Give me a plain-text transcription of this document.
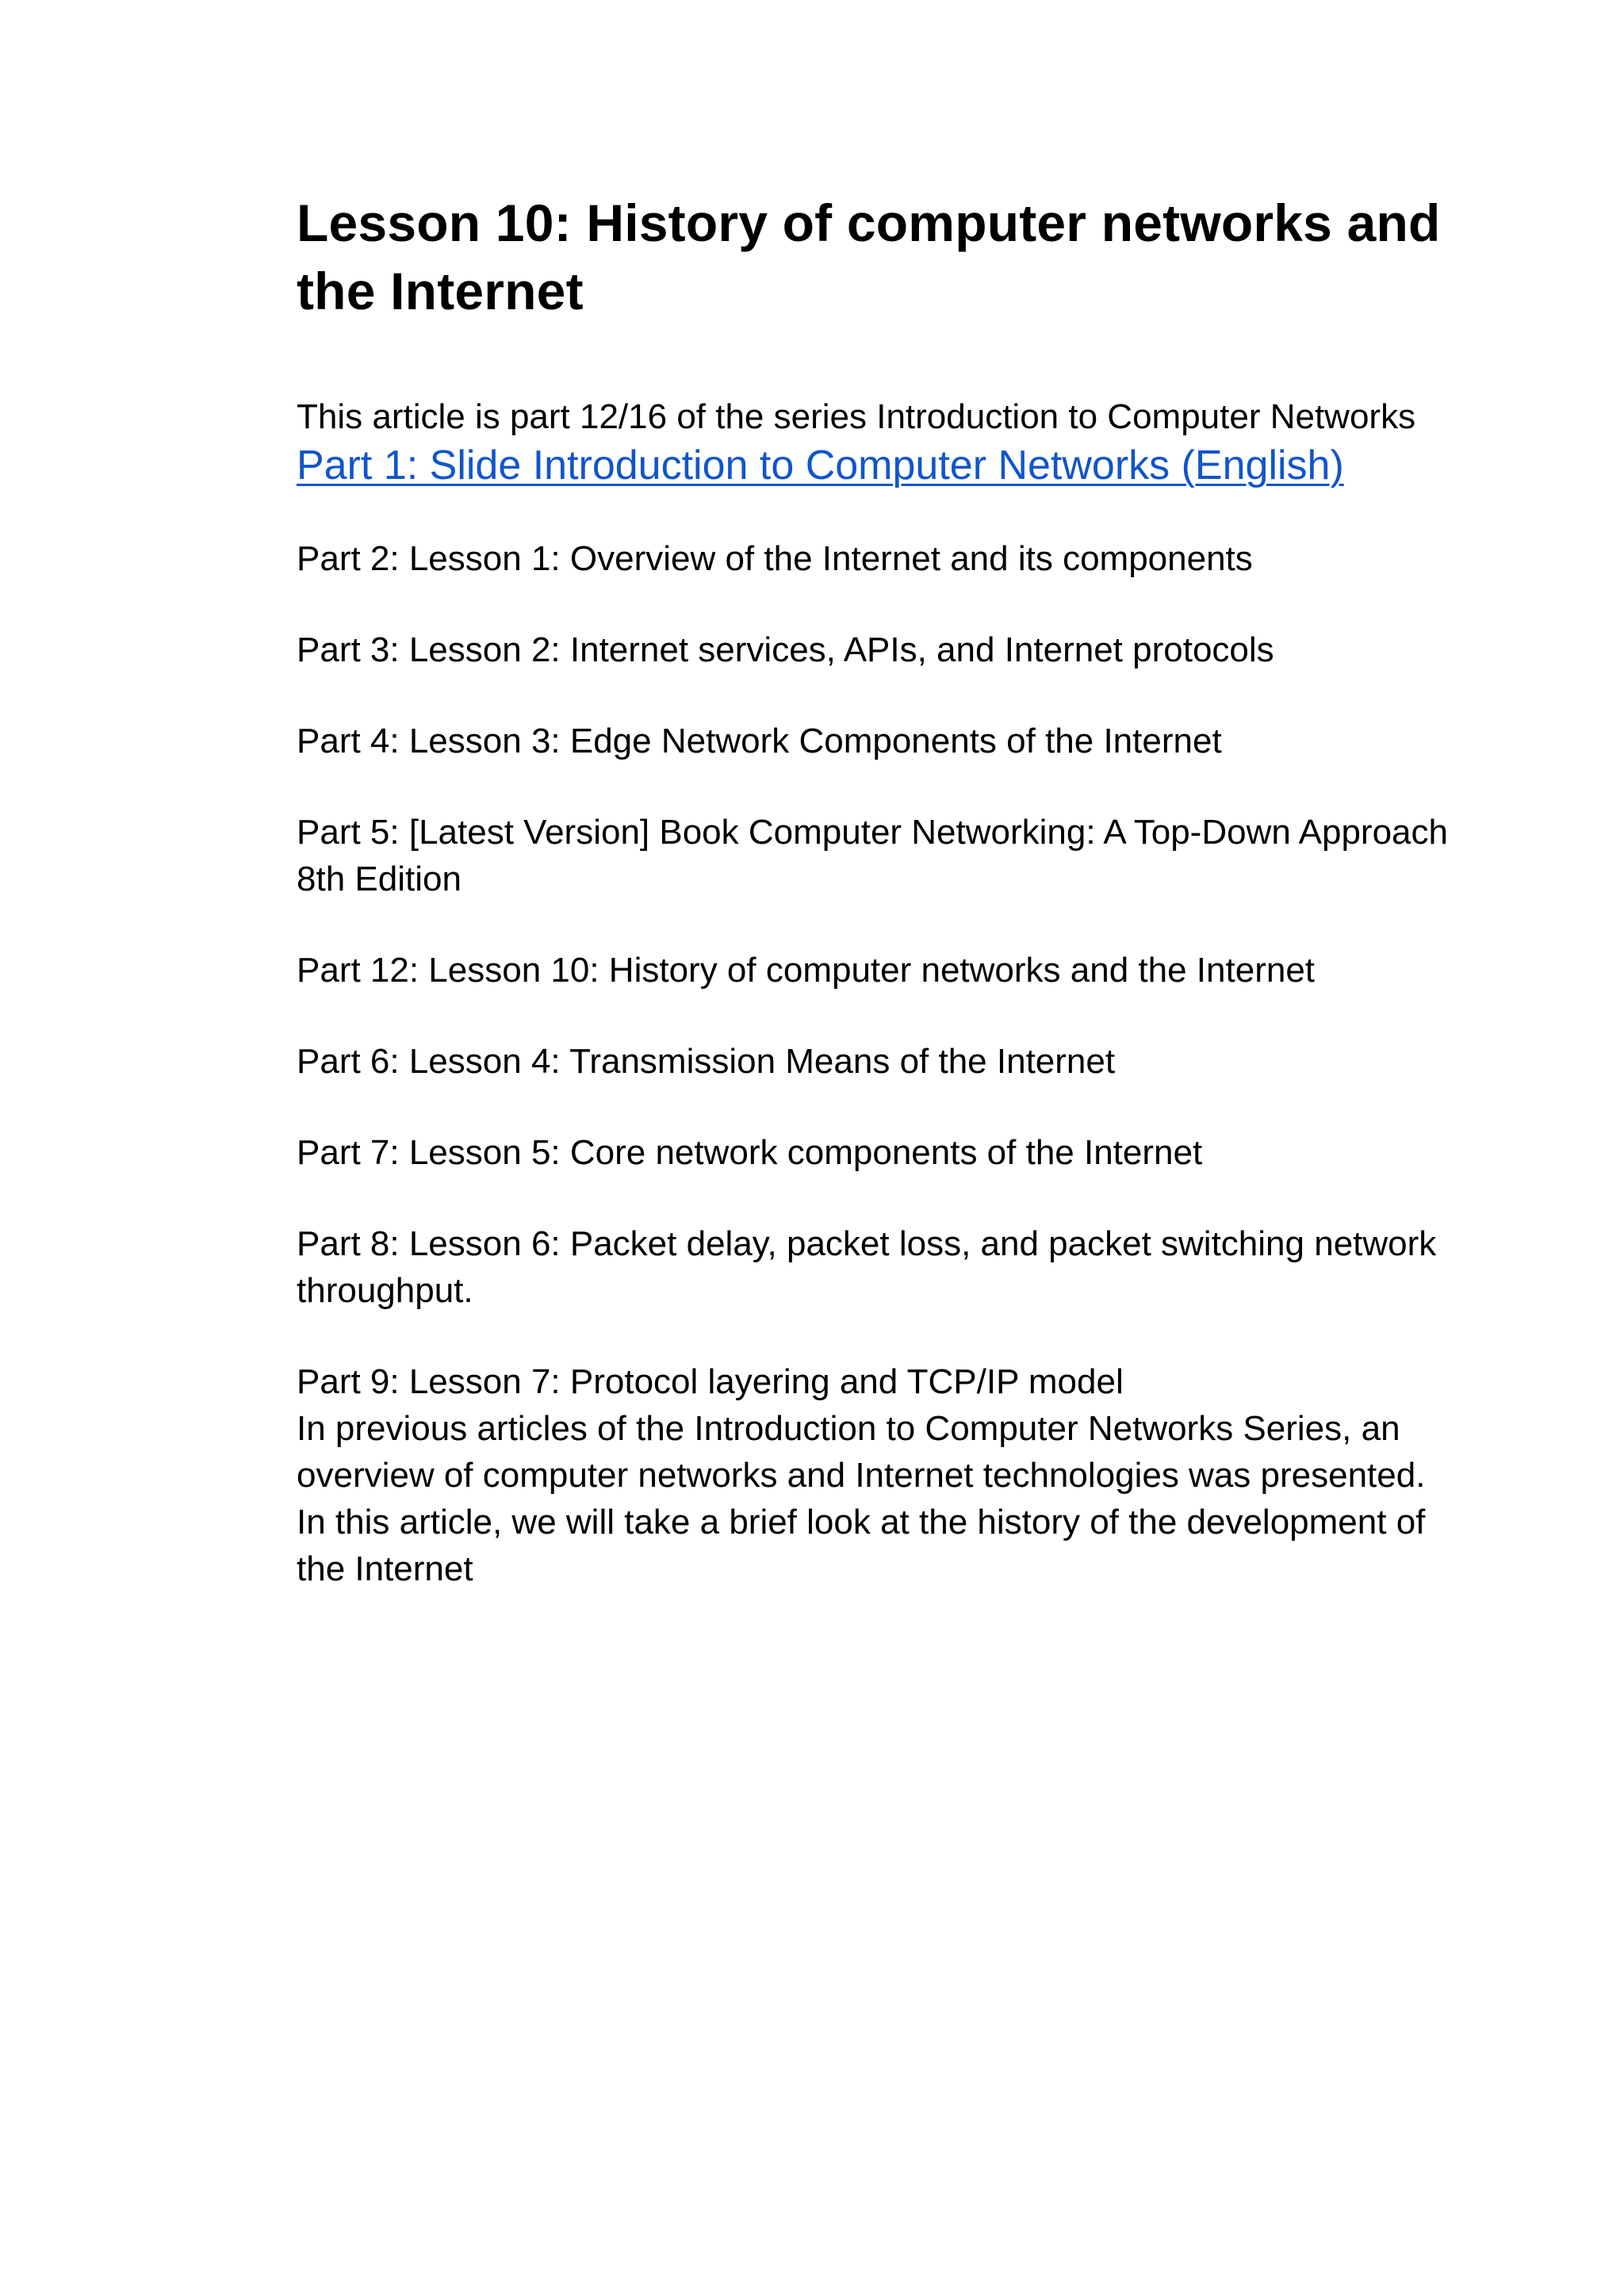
Lesson 10: History of computer networks and the Internet

This article is part 12/16 of the series Introduction to Computer Networks

Part 1: Slide Introduction to Computer Networks (English)

Part 2: Lesson 1: Overview of the Internet and its components
Part 3: Lesson 2: Internet services, APIs, and Internet protocols
Part 4: Lesson 3: Edge Network Components of the Internet
Part 5: [Latest Version] Book Computer Networking: A Top-Down Approach 8th Edition
Part 12: Lesson 10: History of computer networks and the Internet
Part 6: Lesson 4: Transmission Means of the Internet
Part 7: Lesson 5: Core network components of the Internet
Part 8: Lesson 6: Packet delay, packet loss, and packet switching network throughput.
Part 9: Lesson 7: Protocol layering and TCP/IP model

In previous articles of the Introduction to Computer Networks Series, an overview of computer networks and Internet technologies was presented. In this article, we will take a brief look at the history of the development of the Internet
